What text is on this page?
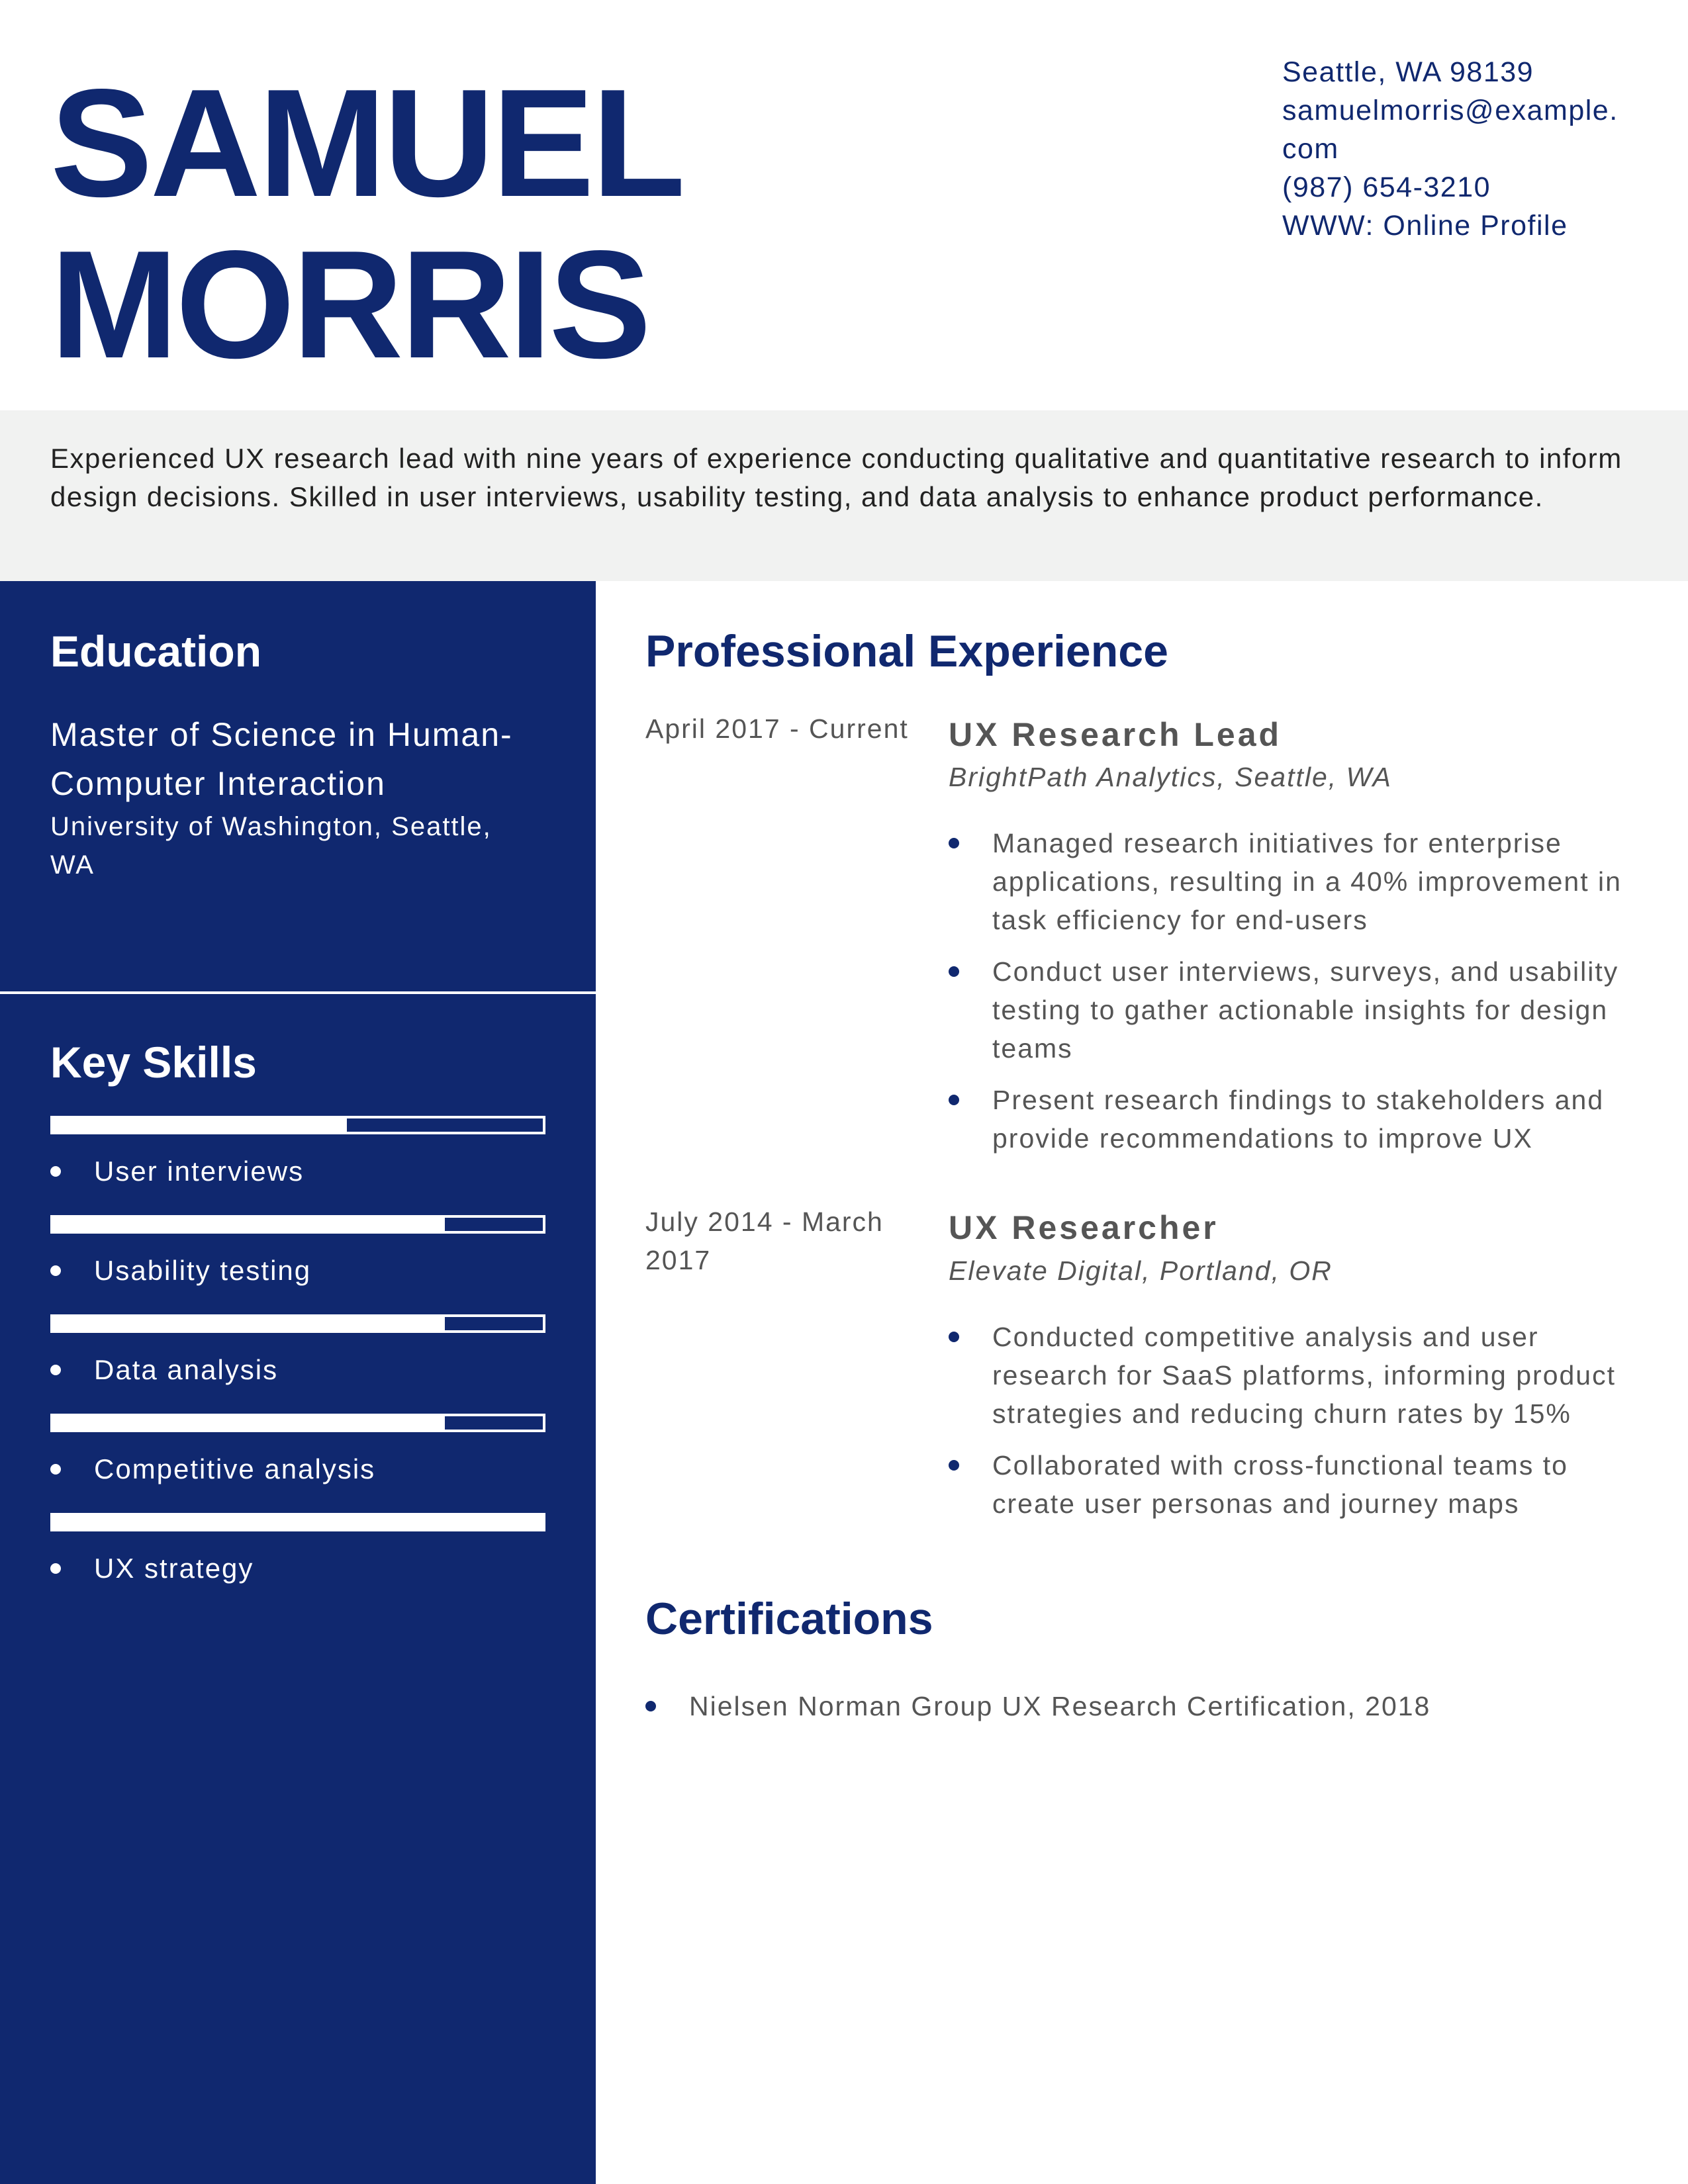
SAMUEL
MORRIS
Seattle, WA 98139
samuelmorris@example.
com
(987) 654-3210
WWW: Online Profile

Experienced UX research lead with nine years of experience conducting qualitative and quantitative research to inform design decisions. Skilled in user interviews, usability testing, and data analysis to enhance product performance.

Education

Master of Science in Human-Computer Interaction

University of Washington, Seattle, WA

Key Skills
User interviews
Usability testing
Data analysis
Competitive analysis
UX strategy
Professional Experience

April 2017 - Current UX Research Lead

BrightPath Analytics, Seattle, WA

Managed research initiatives for enterprise applications, resulting in a 40% improvement in task efficiency for end-users
Conduct user interviews, surveys, and usability testing to gather actionable insights for design teams
Present research findings to stakeholders and provide recommendations to improve UX

July 2014 - March 2017

UX Researcher

Elevate Digital, Portland, OR

Conducted competitive analysis and user research for SaaS platforms, informing product strategies and reducing churn rates by 15%
Collaborated with cross-functional teams to create user personas and journey maps
Certifications
Nielsen Norman Group UX Research Certification, 2018
